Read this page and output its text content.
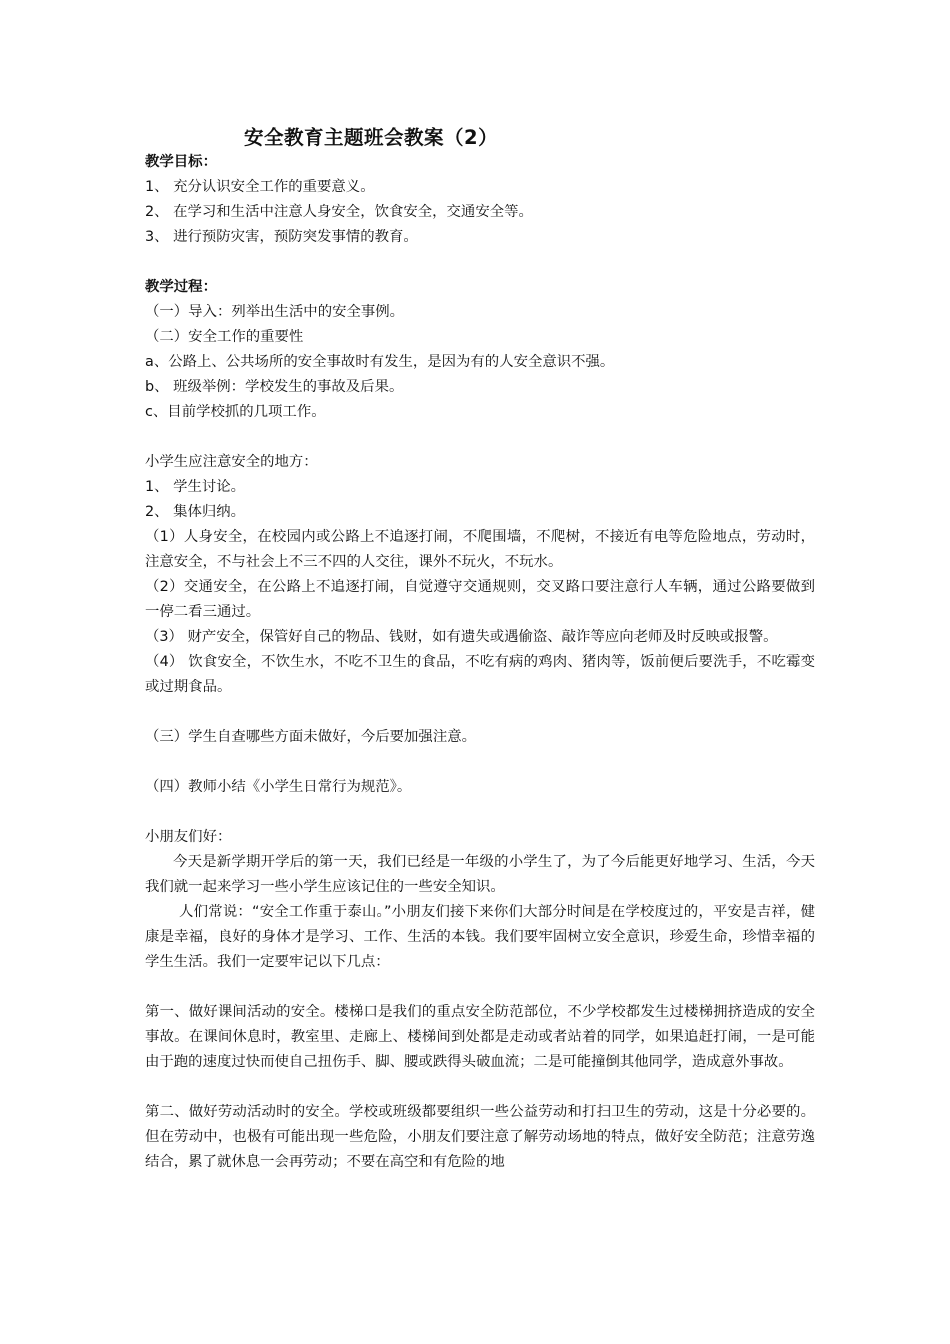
安全教育主题班会教案（2）

教学目标：

1、 充分认识安全工作的重要意义。

2、 在学习和生活中注意人身安全，饮食安全，交通安全等。

3、 进行预防灾害，预防突发事情的教育。

教学过程：

（一）导入：列举出生活中的安全事例。

（二）安全工作的重要性

a、公路上、公共场所的安全事故时有发生，是因为有的人安全意识不强。

b、 班级举例：学校发生的事故及后果。

c、目前学校抓的几项工作。

小学生应注意安全的地方：

1、 学生讨论。

2、 集体归纳。

（1）人身安全，在校园内或公路上不追逐打闹，不爬围墙，不爬树，不接近有电等危险地点，劳动时，注意安全，不与社会上不三不四的人交往，课外不玩火，不玩水。

（2）交通安全，在公路上不追逐打闹，自觉遵守交通规则，交叉路口要注意行人车辆，通过公路要做到一停二看三通过。

（3） 财产安全，保管好自己的物品、钱财，如有遗失或遇偷盗、敲诈等应向老师及时反映或报警。

（4） 饮食安全，不饮生水，不吃不卫生的食品，不吃有病的鸡肉、猪肉等，饭前便后要洗手，不吃霉变或过期食品。

（三）学生自查哪些方面未做好，今后要加强注意。

（四）教师小结《小学生日常行为规范》。

小朋友们好：

今天是新学期开学后的第一天，我们已经是一年级的小学生了，为了今后能更好地学习、生活，今天我们就一起来学习一些小学生应该记住的一些安全知识。

人们常说：“安全工作重于泰山。”小朋友们接下来你们大部分时间是在学校度过的，平安是吉祥，健康是幸福，良好的身体才是学习、工作、生活的本钱。我们要牢固树立安全意识，珍爱生命，珍惜幸福的学生生活。我们一定要牢记以下几点：

第一、做好课间活动的安全。楼梯口是我们的重点安全防范部位，不少学校都发生过楼梯拥挤造成的安全事故。在课间休息时，教室里、走廊上、楼梯间到处都是走动或者站着的同学，如果追赶打闹，一是可能由于跑的速度过快而使自己扭伤手、脚、腰或跌得头破血流；二是可能撞倒其他同学，造成意外事故。

第二、做好劳动活动时的安全。学校或班级都要组织一些公益劳动和打扫卫生的劳动，这是十分必要的。但在劳动中，也极有可能出现一些危险，小朋友们要注意了解劳动场地的特点，做好安全防范；注意劳逸结合，累了就休息一会再劳动；不要在高空和有危险的地
